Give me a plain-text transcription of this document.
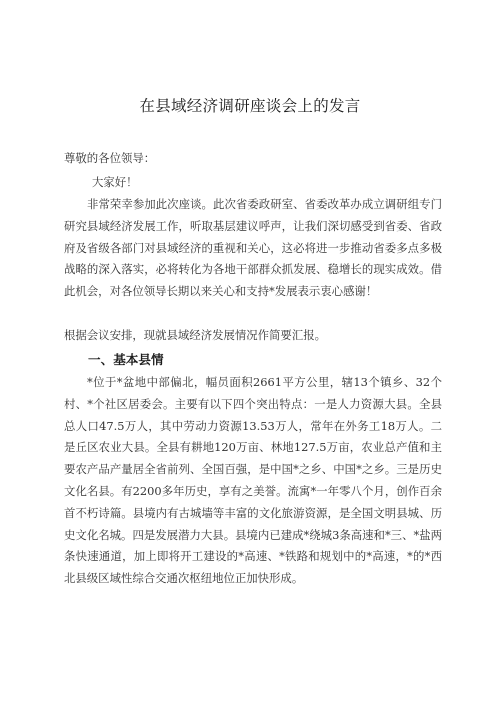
在县域经济调研座谈会上的发言
尊敬的各位领导：
大家好！
非常荣幸参加此次座谈。此次省委政研室、省委改革办成立调研组专门研究县域经济发展工作，听取基层建议呼声，让我们深切感受到省委、省政府及省级各部门对县域经济的重视和关心，这必将进一步推动省委多点多极战略的深入落实，必将转化为各地干部群众抓发展、稳增长的现实成效。借此机会，对各位领导长期以来关心和支持*发展表示衷心感谢！
根据会议安排，现就县域经济发展情况作简要汇报。
一、基本县情
*位于*盆地中部偏北，幅员面积2661平方公里，辖13个镇乡、32个村、*个社区居委会。主要有以下四个突出特点：一是人力资源大县。全县总人口47.5万人，其中劳动力资源13.53万人，常年在外务工18万人。二是丘区农业大县。全县有耕地120万亩、林地127.5万亩，农业总产值和主要农产品产量居全省前列、全国百强，是中国*之乡、中国*之乡。三是历史文化名县。有2200多年历史，享有之美誉。流寓*一年零八个月，创作百余首不朽诗篇。县境内有古城墙等丰富的文化旅游资源，是全国文明县城、历史文化名城。四是发展潜力大县。县境内已建成*绕城3条高速和*三、*盐两条快速通道，加上即将开工建设的*高速、*铁路和规划中的*高速，*的*西北县级区域性综合交通次枢纽地位正加快形成。
